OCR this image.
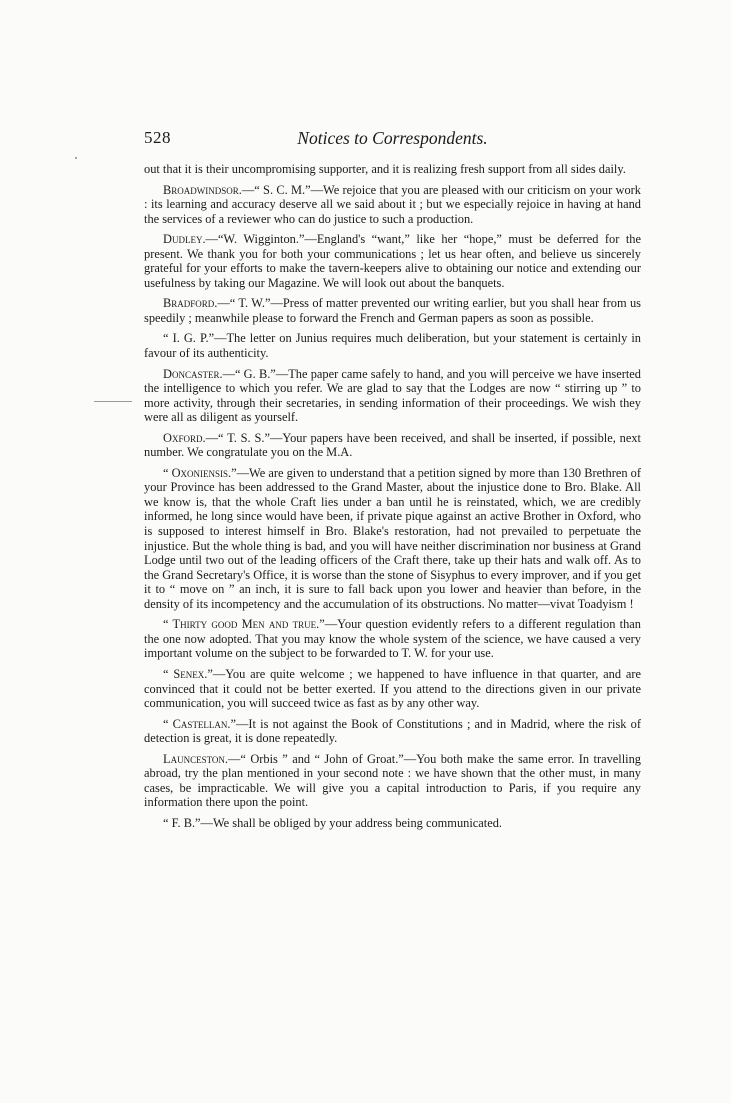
528	Notices to Correspondents.

out that it is their uncompromising supporter, and it is realizing fresh support from all sides daily.

Broadwindsor.—“ S. C. M.”—We rejoice that you are pleased with our criticism on your work : its learning and accuracy deserve all we said about it ; but we especially rejoice in having at hand the services of a reviewer who can do justice to such a production.

Dudley.—“W. Wigginton.”—England's “want,” like her “hope,” must be deferred for the present. We thank you for both your communications ; let us hear often, and believe us sincerely grateful for your efforts to make the tavern-keepers alive to obtaining our notice and extending our usefulness by taking our Magazine. We will look out about the banquets.

Bradford.—“ T. W.”—Press of matter prevented our writing earlier, but you shall hear from us speedily ; meanwhile please to forward the French and German papers as soon as possible.

“ I. G. P.”—The letter on Junius requires much deliberation, but your statement is certainly in favour of its authenticity.

Doncaster.—“ G. B.”—The paper came safely to hand, and you will perceive we have inserted the intelligence to which you refer. We are glad to say that the Lodges are now “ stirring up ” to more activity, through their secretaries, in sending information of their proceedings. We wish they were all as diligent as yourself.

Oxford.—“ T. S. S.”—Your papers have been received, and shall be inserted, if possible, next number. We congratulate you on the M.A.

“ Oxoniensis.”—We are given to understand that a petition signed by more than 130 Brethren of your Province has been addressed to the Grand Master, about the injustice done to Bro. Blake. All we know is, that the whole Craft lies under a ban until he is reinstated, which, we are credibly informed, he long since would have been, if private pique against an active Brother in Oxford, who is supposed to interest himself in Bro. Blake's restoration, had not prevailed to perpetuate the injustice. But the whole thing is bad, and you will have neither discrimination nor business at Grand Lodge until two out of the leading officers of the Craft there, take up their hats and walk off. As to the Grand Secretary's Office, it is worse than the stone of Sisyphus to every improver, and if you get it to “ move on ” an inch, it is sure to fall back upon you lower and heavier than before, in the density of its incompetency and the accumulation of its obstructions. No matter—vivat Toadyism !

“ Thirty good Men and true.”—Your question evidently refers to a different regulation than the one now adopted. That you may know the whole system of the science, we have caused a very important volume on the subject to be forwarded to T. W. for your use.

“ Senex.”—You are quite welcome ; we happened to have influence in that quarter, and are convinced that it could not be better exerted. If you attend to the directions given in our private communication, you will succeed twice as fast as by any other way.

“ Castellan.”—It is not against the Book of Constitutions ; and in Madrid, where the risk of detection is great, it is done repeatedly.

Launceston.—“ Orbis ” and “ John of Groat.”—You both make the same error. In travelling abroad, try the plan mentioned in your second note : we have shown that the other must, in many cases, be impracticable. We will give you a capital introduction to Paris, if you require any information there upon the point.

“ F. B.”—We shall be obliged by your address being communicated.
